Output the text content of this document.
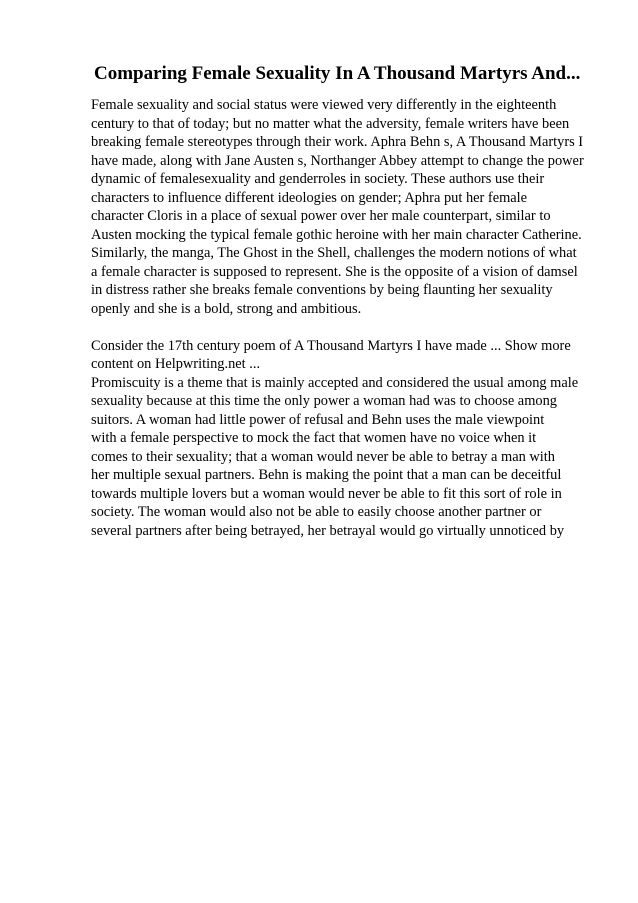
Comparing Female Sexuality In A Thousand Martyrs And...
Female sexuality and social status were viewed very differently in the eighteenth
century to that of today; but no matter what the adversity, female writers have been
breaking female stereotypes through their work. Aphra Behn s, A Thousand Martyrs I
have made, along with Jane Austen s, Northanger Abbey attempt to change the power
dynamic of femalesexuality and genderroles in society. These authors use their
characters to influence different ideologies on gender; Aphra put her female
character Cloris in a place of sexual power over her male counterpart, similar to
Austen mocking the typical female gothic heroine with her main character Catherine.
Similarly, the manga, The Ghost in the Shell, challenges the modern notions of what
a female character is supposed to represent. She is the opposite of a vision of damsel
in distress rather she breaks female conventions by being flaunting her sexuality
openly and she is a bold, strong and ambitious.
Consider the 17th century poem of A Thousand Martyrs I have made ... Show more
content on Helpwriting.net ...
Promiscuity is a theme that is mainly accepted and considered the usual among male
sexuality because at this time the only power a woman had was to choose among
suitors. A woman had little power of refusal and Behn uses the male viewpoint
with a female perspective to mock the fact that women have no voice when it
comes to their sexuality; that a woman would never be able to betray a man with
her multiple sexual partners. Behn is making the point that a man can be deceitful
towards multiple lovers but a woman would never be able to fit this sort of role in
society. The woman would also not be able to easily choose another partner or
several partners after being betrayed, her betrayal would go virtually unnoticed by
